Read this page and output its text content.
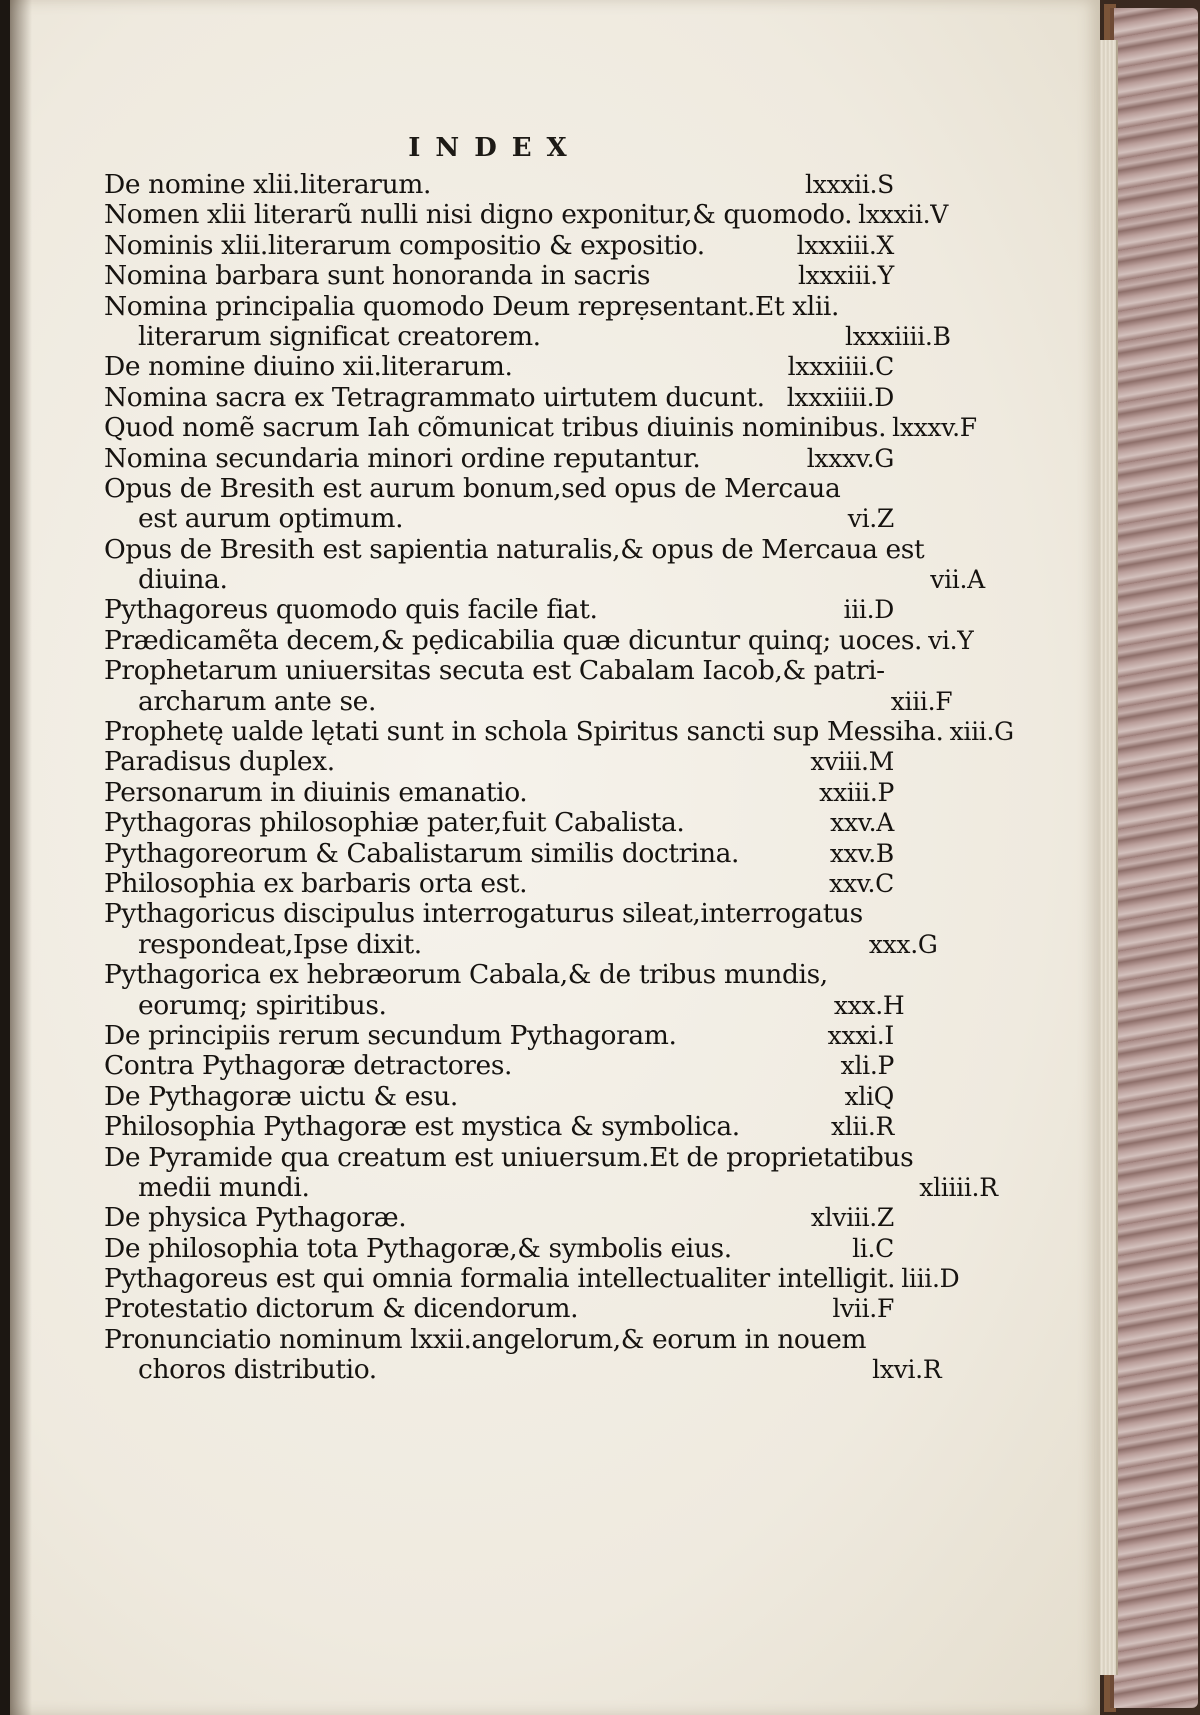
INDEX
De nomine xlii.literarum.	lxxxii.S
Nomen xlii literarũ nulli nisi digno exponitur,& quomodo. lxxxii.V
Nominis xlii.literarum compositio & expositio.	lxxxiii.X
Nomina barbara sunt honoranda in sacris	lxxxiii.Y
Nomina principalia quomodo Deum reprẹsentant.Et xlii.
literarum significat creatorem.	lxxxiiii.B
De nomine diuino xii.literarum.	lxxxiiii.C
Nomina sacra ex Tetragrammato uirtutem ducunt. lxxxiiii.D
Quod nomẽ sacrum Iah cõmunicat tribus diuinis nominibus. lxxxv.F
Nomina secundaria minori ordine reputantur.	lxxxv.G
Opus de Bresith est aurum bonum,sed opus de Mercaua
est aurum optimum.	vi.Z
Opus de Bresith est sapientia naturalis,& opus de Mercaua est
diuina.	vii.A
Pythagoreus quomodo quis facile fiat.	iii.D
Prædicamẽta decem,& pẹdicabilia quæ dicuntur quinq; uoces. vi.Y
Prophetarum uniuersitas secuta est Cabalam Iacob,& patri-
archarum ante se.	xiii.F
Prophetę ualde lętati sunt in schola Spiritus sancti sup Messiha. xiii.G
Paradisus duplex.	xviii.M
Personarum in diuinis emanatio.	xxiii.P
Pythagoras philosophiæ pater,fuit Cabalista.	xxv.A
Pythagoreorum & Cabalistarum similis doctrina.	xxv.B
Philosophia ex barbaris orta est.	xxv.C
Pythagoricus discipulus interrogaturus sileat,interrogatus
respondeat,Ipse dixit.	xxx.G
Pythagorica ex hebræorum Cabala,& de tribus mundis,
eorumq; spiritibus.	xxx.H
De principiis rerum secundum Pythagoram.	xxxi.I
Contra Pythagoræ detractores.	xli.P
De Pythagoræ uictu & esu.	xliQ
Philosophia Pythagoræ est mystica & symbolica.	xlii.R
De Pyramide qua creatum est uniuersum.Et de proprietatibus
medii mundi.	xliiii.R
De physica Pythagoræ.	xlviii.Z
De philosophia tota Pythagoræ,& symbolis eius.	li.C
Pythagoreus est qui omnia formalia intellectualiter intelligit. liii.D
Protestatio dictorum & dicendorum.	lvii.F
Pronunciatio nominum lxxii.angelorum,& eorum in nouem
choros distributio.	lxvi.R
